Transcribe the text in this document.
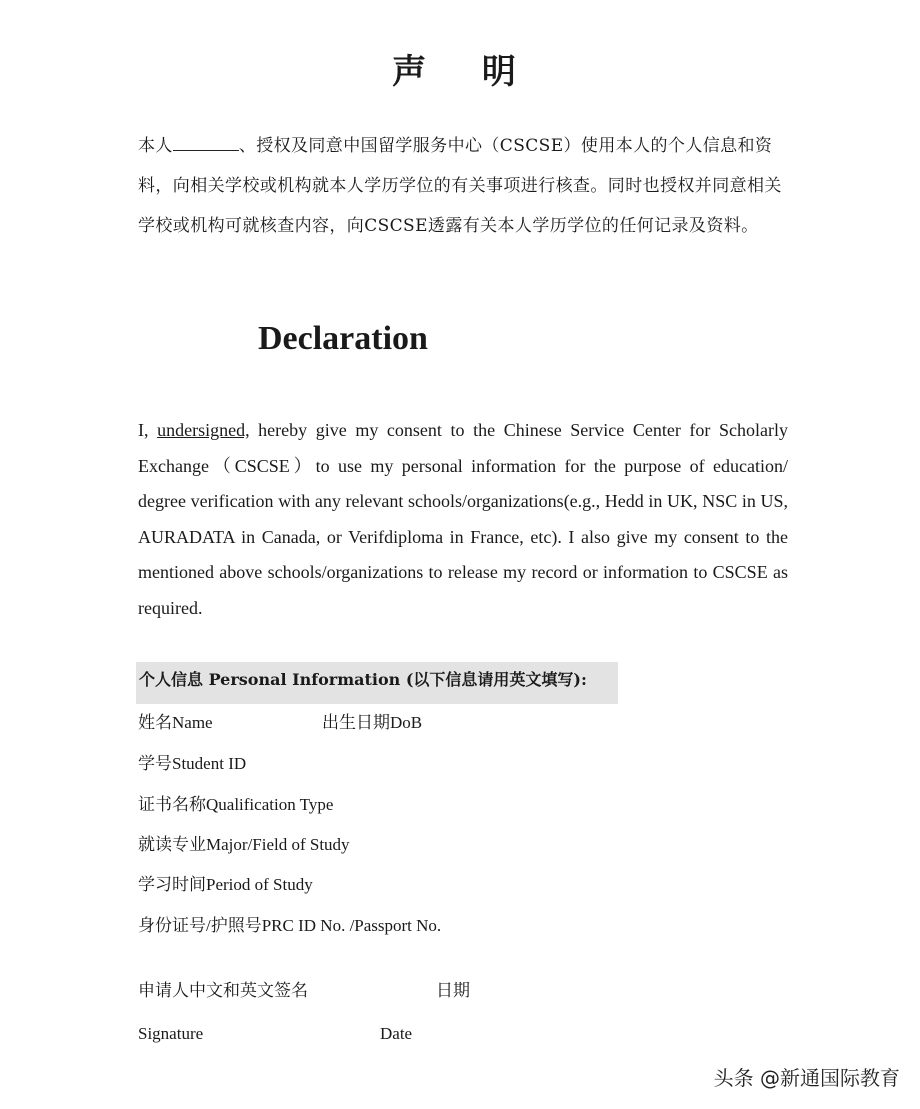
声 明
本人	、授权及同意中国留学服务中心（CSCSE）使用本人的个人信息和资料，向相关学校或机构就本人学历学位的有关事项进行核查。同时也授权并同意相关学校或机构可就核查内容，向CSCSE透露有关本人学历学位的任何记录及资料。
Declaration
I, undersigned, hereby give my consent to the Chinese Service Center for Scholarly Exchange（CSCSE）to use my personal information for the purpose of education/ degree verification with any relevant schools/organizations(e.g., Hedd in UK, NSC in US, AURADATA in Canada, or Verifdiploma in France, etc). I also give my consent to the mentioned above schools/organizations to release my record or information to CSCSE as required.
个人信息 Personal Information (以下信息请用英文填写):
姓名Name	出生日期DoB
学号Student ID
证书名称Qualification Type
就读专业Major/Field of Study
学习时间Period of Study
身份证号/护照号PRC ID No. /Passport No.
申请人中文和英文签名	日期
Signature	Date
头条 @新通国际教育
